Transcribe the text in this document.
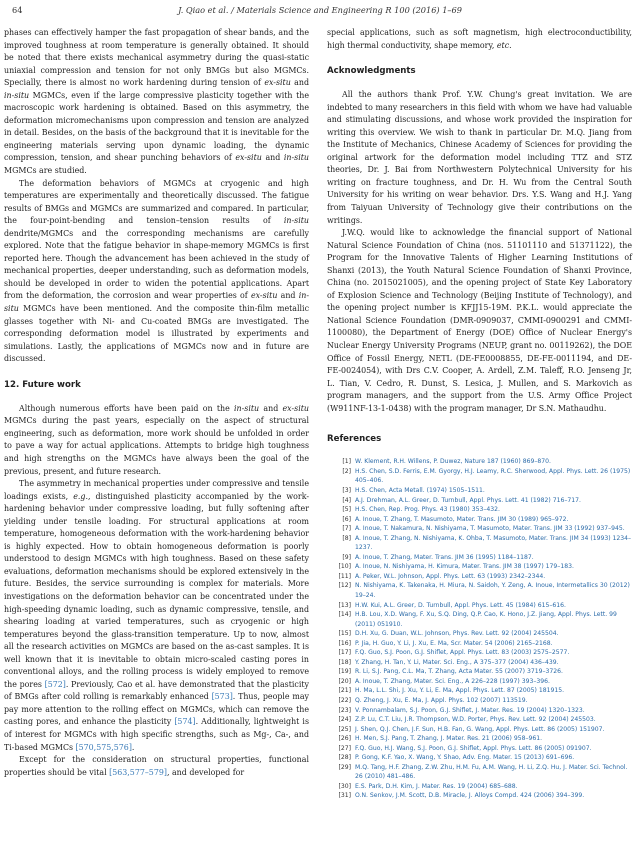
64	J. Qiao et al. / Materials Science and Engineering R 100 (2016) 1–69

phases can effectively hamper the fast propagation of shear bands, and the improved toughness at room temperature is generally obtained. It should be noted that there exists mechanical asymmetry during the quasi-static uniaxial compression and tension for not only BMGs but also MGMCs. Specially, there is almost no work hardening during tension of ex-situ and in-situ MGMCs, even if the large compressive plasticity together with the macroscopic work hardening is obtained. Based on this asymmetry, the deformation micromechanisms upon compression and tension are analyzed in detail. Besides, on the basis of the background that it is inevitable for the engineering materials serving upon dynamic loading, the dynamic compression, tension, and shear punching behaviors of ex-situ and in-situ MGMCs are studied.

The deformation behaviors of MGMCs at cryogenic and high temperatures are experimentally and theoretically discussed. The fatigue results of BMGs and MGMCs are summarized and compared. In particular, the four-point-bending and tension–tension results of in-situ dendrite/MGMCs and the corresponding mechanisms are carefully explored. Note that the fatigue behavior in shape-memory MGMCs is first reported here. Though the advancement has been achieved in the study of mechanical properties, deeper understanding, such as deformation models, should be developed in order to widen the potential applications. Apart from the deformation, the corrosion and wear properties of ex-situ and in-situ MGMCs have been mentioned. And the composite thin-film metallic glasses together with Ni- and Cu-coated BMGs are investigated. The corresponding deformation model is illustrated by experiments and simulations. Lastly, the applications of MGMCs now and in future are discussed.

12. Future work

Although numerous efforts have been paid on the in-situ and ex-situ MGMCs during the past years, especially on the aspect of structural engineering, such as deformation, more work should be unfolded in order to pave a way for actual applications. Attempts to bridge high toughness and high strengths on the MGMCs have always been the goal of the previous, present, and future research.

The asymmetry in mechanical properties under compressive and tensile loadings exists, e.g., distinguished plasticity accompanied by the work-hardening behavior under compressive loading, but fully softening after yielding under tensile loading. For structural applications at room temperature, homogeneous deformation with the work-hardening behavior is highly expected. How to obtain homogeneous deformation is poorly understood to design MGMCs with high toughness. Based on these safety evaluations, deformation mechanisms should be explored extensively in the future. Besides, the service surrounding is complex for materials. More investigations on the deformation behavior can be concentrated under the high-speeding dynamic loading, such as dynamic compressive, tensile, and shearing loading at varied temperatures, such as cryogenic or high temperatures beyond the glass-transition temperature. Up to now, almost all the research activities on MGMCs are based on the as-cast samples. It is well known that it is inevitable to obtain micro-scaled casting pores in conventional alloys, and the rolling process is widely employed to remove the pores [572]. Previously, Cao et al. have demonstrated that the plasticity of BMGs after cold rolling is remarkably enhanced [573]. Thus, people may pay more attention to the rolling effect on MGMCs, which can remove the casting pores, and enhance the plasticity [574]. Additionally, lightweight is of interest for MGMCs with high specific strengths, such as Mg-, Ca-, and Ti-based MGMCs [570,575,576].

Except for the consideration on structural properties, functional properties should be vital [563,577–579], and developed for

special applications, such as soft magnetism, high electroconductibility, high thermal conductivity, shape memory, etc.

Acknowledgments

All the authors thank Prof. Y.W. Chung's great invitation. We are indebted to many researchers in this field with whom we have had valuable and stimulating discussions, and whose work provided the inspiration for writing this overview. We wish to thank in particular Dr. M.Q. Jiang from the Institute of Mechanics, Chinese Academy of Sciences for providing the original artwork for the deformation model including TTZ and STZ theories, Dr. J. Bai from Northwestern Polytechnical University for his writing on fracture toughness, and Dr. H. Wu from the Central South University for his writing on wear behavior. Drs. Y.S. Wang and H.J. Yang from Taiyuan University of Technology give their contributions on the writings.

J.W.Q. would like to acknowledge the financial support of National Natural Science Foundation of China (nos. 51101110 and 51371122), the Program for the Innovative Talents of Higher Learning Institutions of Shanxi (2013), the Youth Natural Science Foundation of Shanxi Province, China (no. 2015021005), and the opening project of State Key Laboratory of Explosion Science and Technology (Beijing Institute of Technology), and the opening project number is KFJJ15-19M. P.K.L. would appreciate the National Science Foundation (DMR-0909037, CMMI-0900291 and CMMI-1100080), the Department of Energy (DOE) Office of Nuclear Energy's Nuclear Energy University Programs (NEUP, grant no. 00119262), the DOE Office of Fossil Energy, NETL (DE-FE0008855, DE-FE-0011194, and DE-FE-0024054), with Drs C.V. Cooper, A. Ardell, Z.M. Taleff, R.O. Jenseng Jr, L. Tian, V. Cedro, R. Dunst, S. Lesica, J. Mullen, and S. Markovich as program managers, and the support from the U.S. Army Office Project (W911NF-13-1-0438) with the program manager, Dr S.N. Mathaudhu.

References
[1] W. Klement, R.H. Willens, P. Duwez, Nature 187 (1960) 869–870.
[2] H.S. Chen, S.D. Ferris, E.M. Gyorgy, H.J. Leamy, R.C. Sherwood, Appl. Phys. Lett. 26 (1975) 405–406.
[3] H.S. Chen, Acta Metall. (1974) 1505–1511.
[4] A.J. Drehman, A.L. Greer, D. Turnbull, Appl. Phys. Lett. 41 (1982) 716–717.
[5] H.S. Chen, Rep. Prog. Phys. 43 (1980) 353–432.
[6] A. Inoue, T. Zhang, T. Masumoto, Mater. Trans. JIM 30 (1989) 965–972.
[7] A. Inoue, T. Nakamura, N. Nishiyama, T. Masumoto, Mater. Trans. JIM 33 (1992) 937–945.
[8] A. Inoue, T. Zhang, N. Nishiyama, K. Ohba, T. Masumoto, Mater. Trans. JIM 34 (1993) 1234–1237.
[9] A. Inoue, T. Zhang, Mater. Trans. JIM 36 (1995) 1184–1187.
[10] A. Inoue, N. Nishiyama, H. Kimura, Mater. Trans. JIM 38 (1997) 179–183.
[11] A. Peker, W.L. Johnson, Appl. Phys. Lett. 63 (1993) 2342–2344.
[12] N. Nishiyama, K. Takenaka, H. Miura, N. Saidoh, Y. Zeng, A. Inoue, Intermetallics 30 (2012) 19–24.
[13] H.W. Kui, A.L. Greer, D. Turnbull, Appl. Phys. Lett. 45 (1984) 615–616.
[14] H.B. Lou, X.D. Wang, F. Xu, S.Q. Ding, Q.P. Cao, K. Hono, J.Z. Jiang, Appl. Phys. Lett. 99 (2011) 051910.
[15] D.H. Xu, G. Duan, W.L. Johnson, Phys. Rev. Lett. 92 (2004) 245504.
[16] P. Jia, H. Guo, Y. Li, J. Xu, E. Ma, Scr. Mater. 54 (2006) 2165–2168.
[17] F.Q. Guo, S.J. Poon, G.J. Shiflet, Appl. Phys. Lett. 83 (2003) 2575–2577.
[18] Y. Zhang, H. Tan, Y. Li, Mater. Sci. Eng., A 375–377 (2004) 436–439.
[19] R. Li, S.J. Pang, C.L. Ma, T. Zhang, Acta Mater. 55 (2007) 3719–3726.
[20] A. Inoue, T. Zhang, Mater. Sci. Eng., A 226–228 (1997) 393–396.
[21] H. Ma, L.L. Shi, J. Xu, Y. Li, E. Ma, Appl. Phys. Lett. 87 (2005) 181915.
[22] Q. Zheng, J. Xu, E. Ma, J. Appl. Phys. 102 (2007) 113519.
[23] V. Ponnambalam, S.J. Poon, G.J. Shiflet, J. Mater. Res. 19 (2004) 1320–1323.
[24] Z.P. Lu, C.T. Liu, J.R. Thompson, W.D. Porter, Phys. Rev. Lett. 92 (2004) 245503.
[25] J. Shen, Q.J. Chen, J.F. Sun, H.B. Fan, G. Wang, Appl. Phys. Lett. 86 (2005) 151907.
[26] H. Men, S.J. Pang, T. Zhang, J. Mater. Res. 21 (2006) 958–961.
[27] F.Q. Guo, H.J. Wang, S.J. Poon, G.J. Shiflet, Appl. Phys. Lett. 86 (2005) 091907.
[28] P. Gong, K.F. Yao, X. Wang, Y. Shao, Adv. Eng. Mater. 15 (2013) 691–696.
[29] M.Q. Tang, H.F. Zhang, Z.W. Zhu, H.M. Fu, A.M. Wang, H. Li, Z.Q. Hu, J. Mater. Sci. Technol. 26 (2010) 481–486.
[30] E.S. Park, D.H. Kim, J. Mater. Res. 19 (2004) 685–688.
[31] O.N. Senkov, J.M. Scott, D.B. Miracle, J. Alloys Compd. 424 (2006) 394–399.
